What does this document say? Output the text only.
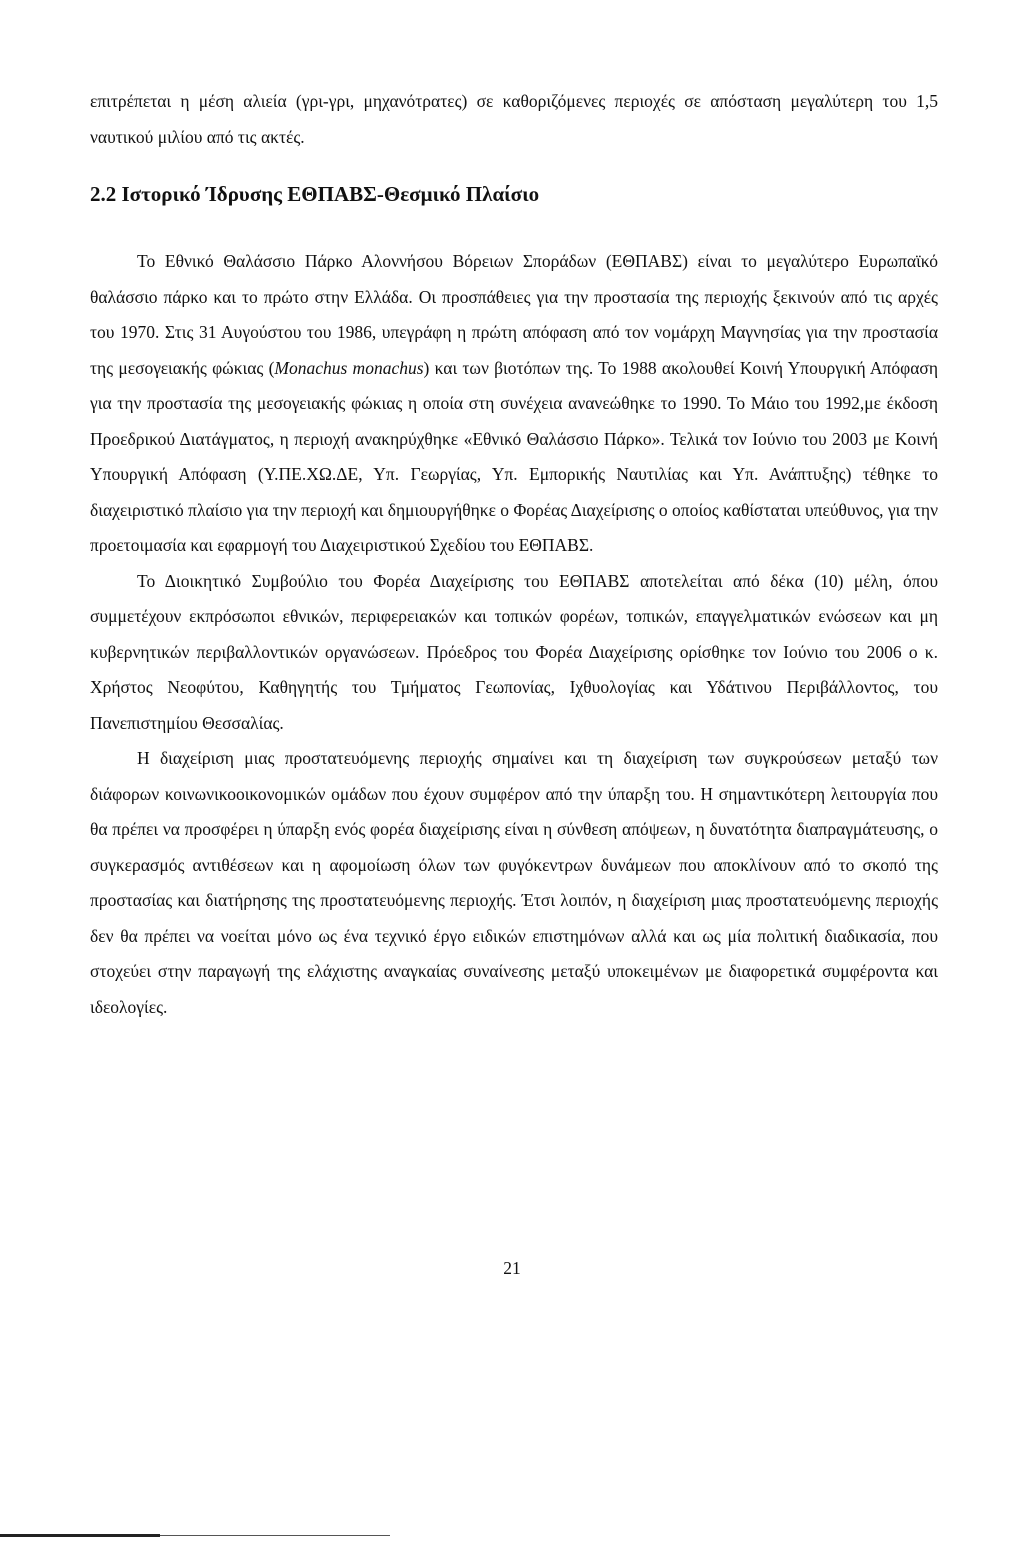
επιτρέπεται η μέση αλιεία (γρι-γρι, μηχανότρατες) σε καθοριζόμενες περιοχές σε απόσταση μεγαλύτερη του 1,5 ναυτικού μιλίου από τις ακτές.

2.2 Ιστορικό Ίδρυσης ΕΘΠΑΒΣ-Θεσμικό Πλαίσιο

Το Εθνικό Θαλάσσιο Πάρκο Αλοννήσου Βόρειων Σποράδων (ΕΘΠΑΒΣ) είναι το μεγαλύτερο Ευρωπαϊκό θαλάσσιο πάρκο και το πρώτο στην Ελλάδα. Οι προσπάθειες για την προστασία της περιοχής ξεκινούν από τις αρχές του 1970. Στις 31 Αυγούστου του 1986, υπεγράφη η πρώτη απόφαση από τον νομάρχη Μαγνησίας για την προστασία της μεσογειακής φώκιας (Monachus monachus) και των βιοτόπων της. Το 1988 ακολουθεί Κοινή Υπουργική Απόφαση για την προστασία της μεσογειακής φώκιας η οποία στη συνέχεια ανανεώθηκε το 1990. Το Μάιο του 1992,με έκδοση Προεδρικού Διατάγματος, η περιοχή ανακηρύχθηκε «Εθνικό Θαλάσσιο Πάρκο». Τελικά τον Ιούνιο του 2003 με Κοινή Υπουργική Απόφαση (Υ.ΠΕ.ΧΩ.ΔΕ, Υπ. Γεωργίας, Υπ. Εμπορικής Ναυτιλίας και Υπ. Ανάπτυξης) τέθηκε το διαχειριστικό πλαίσιο για την περιοχή και δημιουργήθηκε ο Φορέας Διαχείρισης ο οποίος καθίσταται υπεύθυνος, για την προετοιμασία και εφαρμογή του Διαχειριστικού Σχεδίου του ΕΘΠΑΒΣ.

Το Διοικητικό Συμβούλιο του Φορέα Διαχείρισης του ΕΘΠΑΒΣ αποτελείται από δέκα (10) μέλη, όπου συμμετέχουν εκπρόσωποι εθνικών, περιφερειακών και τοπικών φορέων, τοπικών, επαγγελματικών ενώσεων και μη κυβερνητικών περιβαλλοντικών οργανώσεων. Πρόεδρος του Φορέα Διαχείρισης ορίσθηκε τον Ιούνιο του 2006 ο κ. Χρήστος Νεοφύτου, Καθηγητής του Τμήματος Γεωπονίας, Ιχθυολογίας και Υδάτινου Περιβάλλοντος, του Πανεπιστημίου Θεσσαλίας.

Η διαχείριση μιας προστατευόμενης περιοχής σημαίνει και τη διαχείριση των συγκρούσεων μεταξύ των διάφορων κοινωνικοοικονομικών ομάδων που έχουν συμφέρον από την ύπαρξη του. Η σημαντικότερη λειτουργία που θα πρέπει να προσφέρει η ύπαρξη ενός φορέα διαχείρισης είναι η σύνθεση απόψεων, η δυνατότητα διαπραγμάτευσης, ο συγκερασμός αντιθέσεων και η αφομοίωση όλων των φυγόκεντρων δυνάμεων που αποκλίνουν από το σκοπό της προστασίας και διατήρησης της προστατευόμενης περιοχής. Έτσι λοιπόν, η διαχείριση μιας προστατευόμενης περιοχής δεν θα πρέπει να νοείται μόνο ως ένα τεχνικό έργο ειδικών επιστημόνων αλλά και ως μία πολιτική διαδικασία, που στοχεύει στην παραγωγή της ελάχιστης αναγκαίας συναίνεσης μεταξύ υποκειμένων με διαφορετικά συμφέροντα και ιδεολογίες.

21
